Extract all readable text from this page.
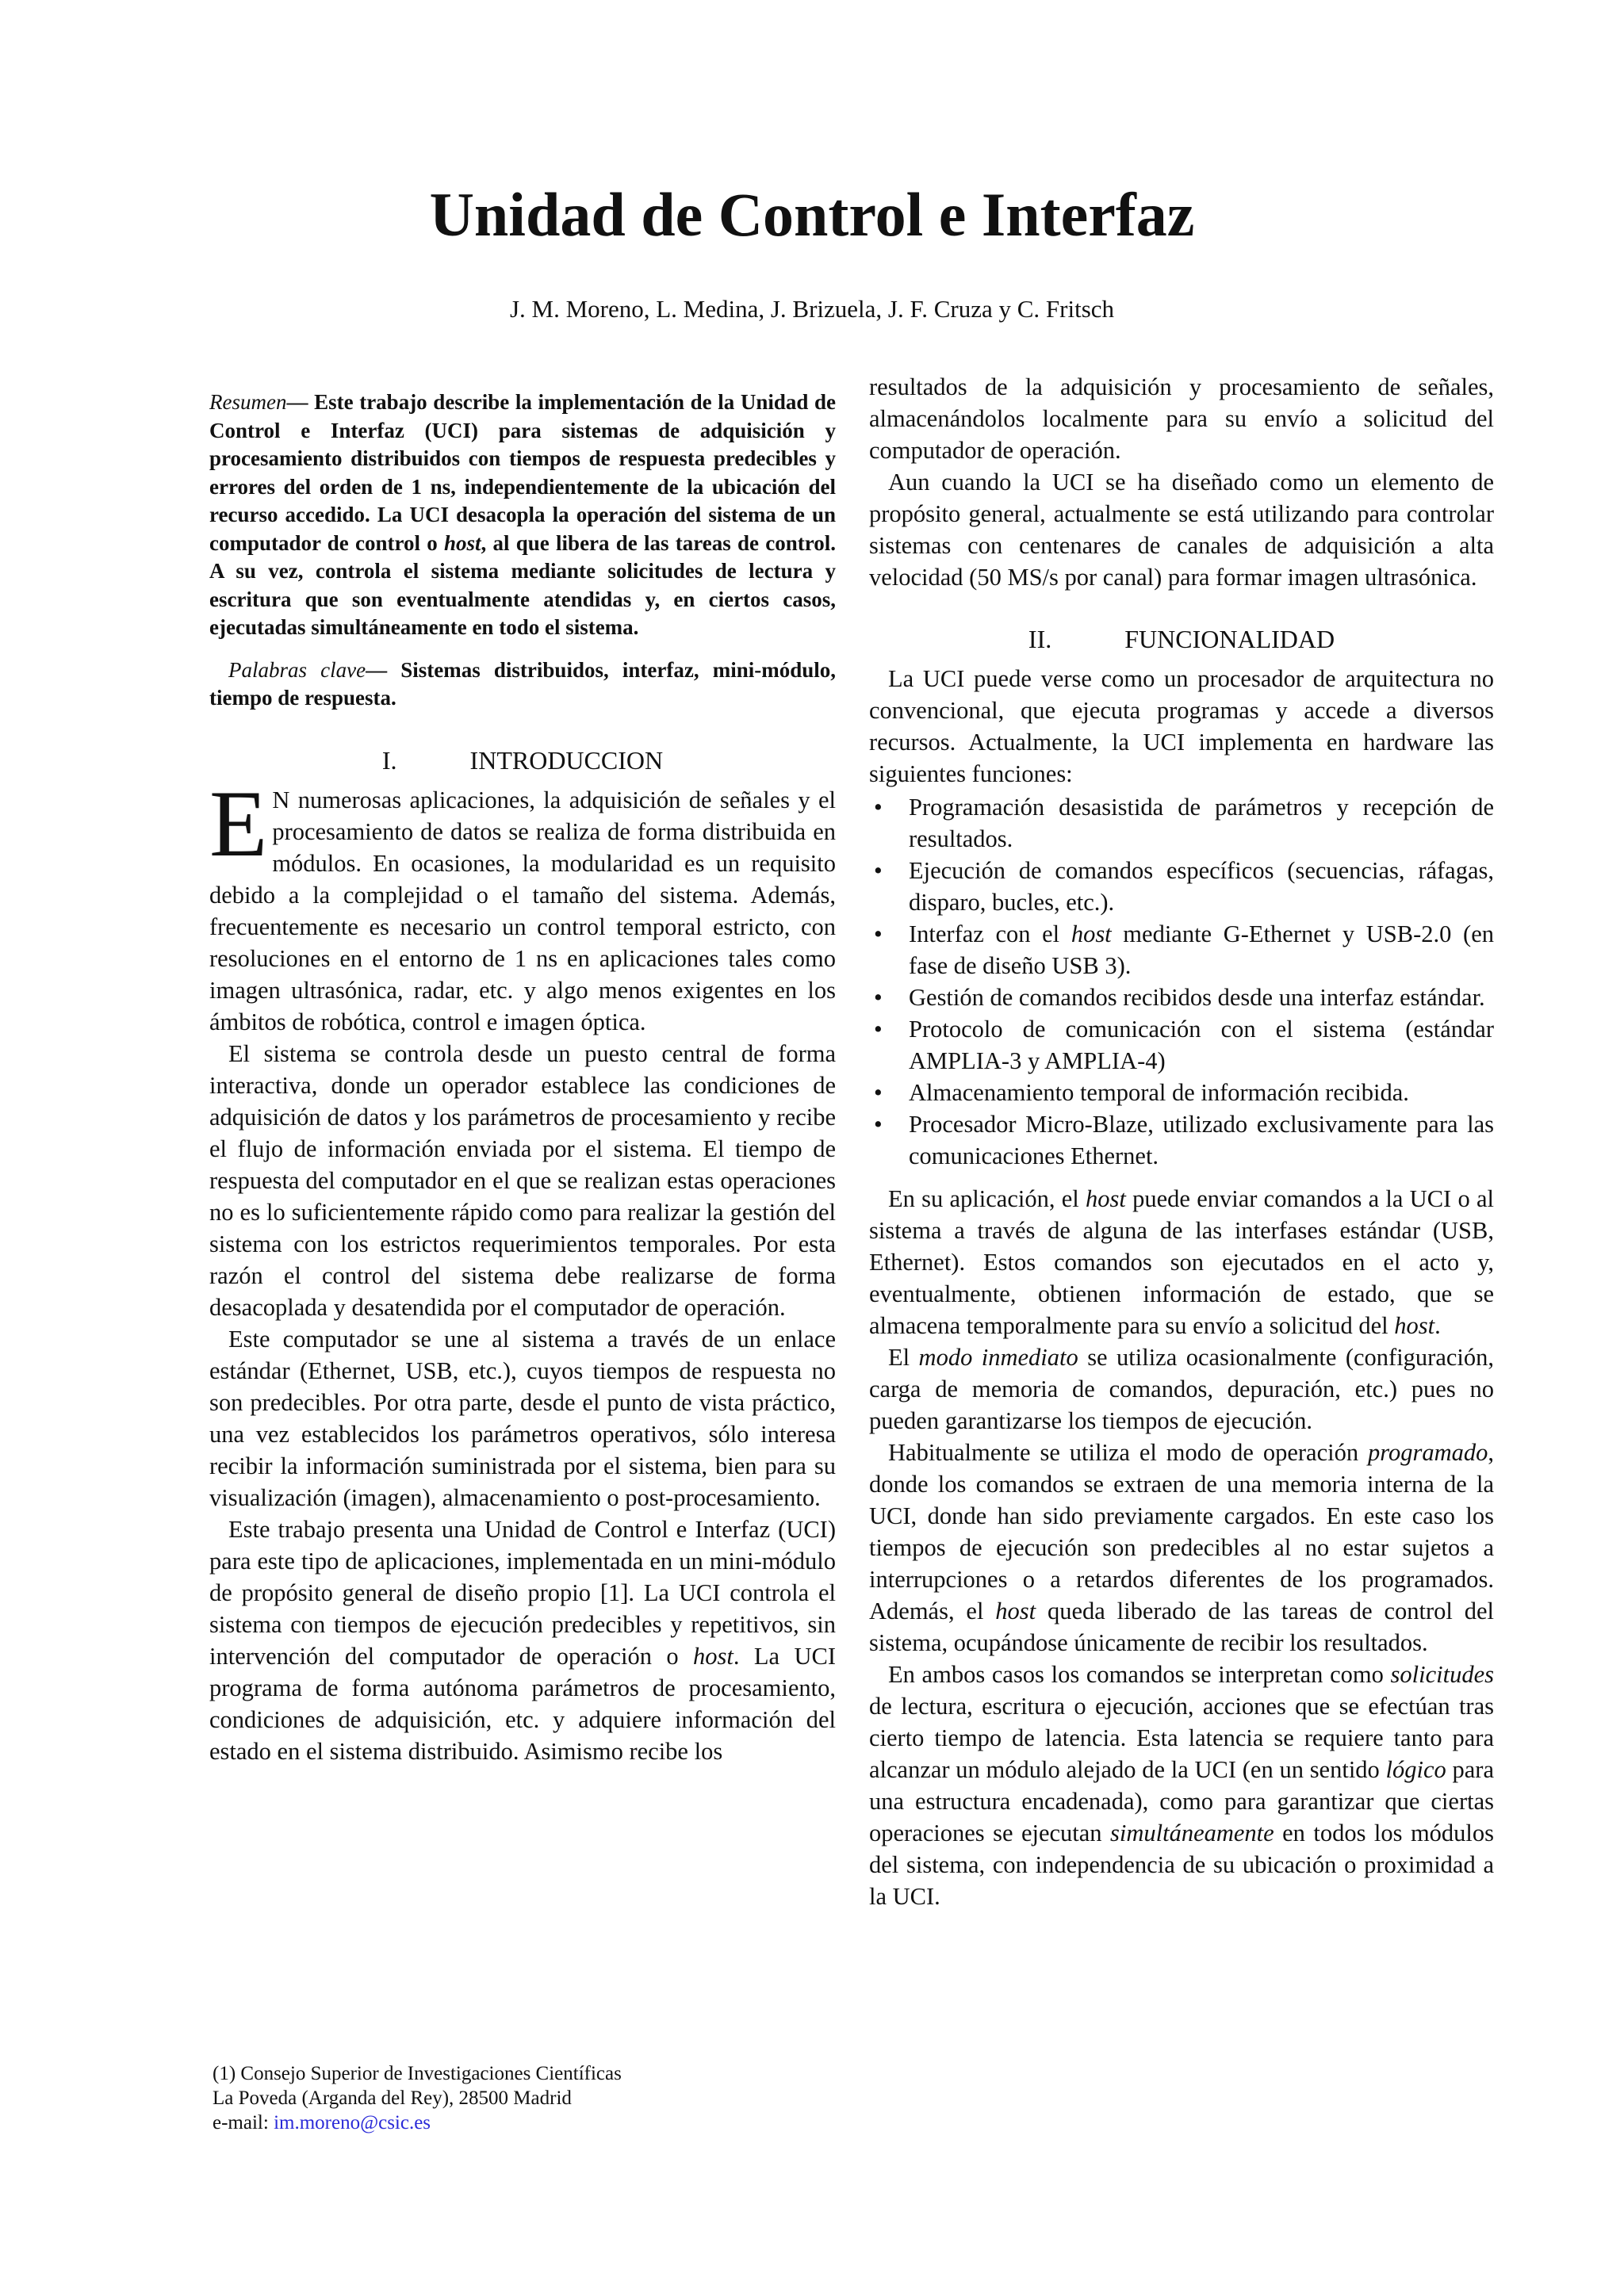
Unidad de Control e Interfaz
J. M. Moreno, L. Medina, J. Brizuela, J. F. Cruza y C. Fritsch

Resumen— Este trabajo describe la implementación de la Unidad de Control e Interfaz (UCI) para sistemas de adquisición y procesamiento distribuidos con tiempos de respuesta predecibles y errores del orden de 1 ns, independientemente de la ubicación del recurso accedido. La UCI desacopla la operación del sistema de un computador de control o host, al que libera de las tareas de control. A su vez, controla el sistema mediante solicitudes de lectura y escritura que son eventualmente atendidas y, en ciertos casos, ejecutadas simultáneamente en todo el sistema.

Palabras clave— Sistemas distribuidos, interfaz, mini-módulo, tiempo de respuesta.

I.	INTRODUCCION

E N numerosas aplicaciones, la adquisición de señales y el procesamiento de datos se realiza de forma distribuida en módulos. En ocasiones, la modularidad es un requisito debido a la complejidad o el tamaño del sistema. Además, frecuentemente es necesario un control temporal estricto, con resoluciones en el entorno de 1 ns en aplicaciones tales como imagen ultrasónica, radar, etc. y algo menos exigentes en los ámbitos de robótica, control e imagen óptica.

El sistema se controla desde un puesto central de forma interactiva, donde un operador establece las condiciones de adquisición de datos y los parámetros de procesamiento y recibe el flujo de información enviada por el sistema. El tiempo de respuesta del computador en el que se realizan estas operaciones no es lo suficientemente rápido como para realizar la gestión del sistema con los estrictos requerimientos temporales. Por esta razón el control del sistema debe realizarse de forma desacoplada y desatendida por el computador de operación.

Este computador se une al sistema a través de un enlace estándar (Ethernet, USB, etc.), cuyos tiempos de respuesta no son predecibles. Por otra parte, desde el punto de vista práctico, una vez establecidos los parámetros operativos, sólo interesa recibir la información suministrada por el sistema, bien para su visualización (imagen), almacenamiento o post-procesamiento.

Este trabajo presenta una Unidad de Control e Interfaz (UCI) para este tipo de aplicaciones, implementada en un mini-módulo de propósito general de diseño propio [1]. La UCI controla el sistema con tiempos de ejecución predecibles y repetitivos, sin intervención del computador de operación o host. La UCI programa de forma autónoma parámetros de procesamiento, condiciones de adquisición, etc. y adquiere información del estado en el sistema distribuido. Asimismo recibe los

resultados de la adquisición y procesamiento de señales, almacenándolos localmente para su envío a solicitud del computador de operación.

Aun cuando la UCI se ha diseñado como un elemento de propósito general, actualmente se está utilizando para controlar sistemas con centenares de canales de adquisición a alta velocidad (50 MS/s por canal) para formar imagen ultrasónica.

II.	FUNCIONALIDAD

La UCI puede verse como un procesador de arquitectura no convencional, que ejecuta programas y accede a diversos recursos. Actualmente, la UCI implementa en hardware las siguientes funciones:

• Programación desasistida de parámetros y recepción de resultados.
• Ejecución de comandos específicos (secuencias, ráfagas, disparo, bucles, etc.).
• Interfaz con el host mediante G-Ethernet y USB-2.0 (en fase de diseño USB 3).
• Gestión de comandos recibidos desde una interfaz estándar.
• Protocolo de comunicación con el sistema (estándar AMPLIA-3 y AMPLIA-4)
• Almacenamiento temporal de información recibida.
• Procesador Micro-Blaze, utilizado exclusivamente para las comunicaciones Ethernet.

En su aplicación, el host puede enviar comandos a la UCI o al sistema a través de alguna de las interfases estándar (USB, Ethernet). Estos comandos son ejecutados en el acto y, eventualmente, obtienen información de estado, que se almacena temporalmente para su envío a solicitud del host.

El modo inmediato se utiliza ocasionalmente (configuración, carga de memoria de comandos, depuración, etc.) pues no pueden garantizarse los tiempos de ejecución.

Habitualmente se utiliza el modo de operación programado, donde los comandos se extraen de una memoria interna de la UCI, donde han sido previamente cargados. En este caso los tiempos de ejecución son predecibles al no estar sujetos a interrupciones o a retardos diferentes de los programados. Además, el host queda liberado de las tareas de control del sistema, ocupándose únicamente de recibir los resultados.

En ambos casos los comandos se interpretan como solicitudes de lectura, escritura o ejecución, acciones que se efectúan tras cierto tiempo de latencia. Esta latencia se requiere tanto para alcanzar un módulo alejado de la UCI (en un sentido lógico para una estructura encadenada), como para garantizar que ciertas operaciones se ejecutan simultáneamente en todos los módulos del sistema, con independencia de su ubicación o proximidad a la UCI.

(1) Consejo Superior de Investigaciones Científicas
La Poveda (Arganda del Rey), 28500 Madrid
e-mail: im.moreno@csic.es
